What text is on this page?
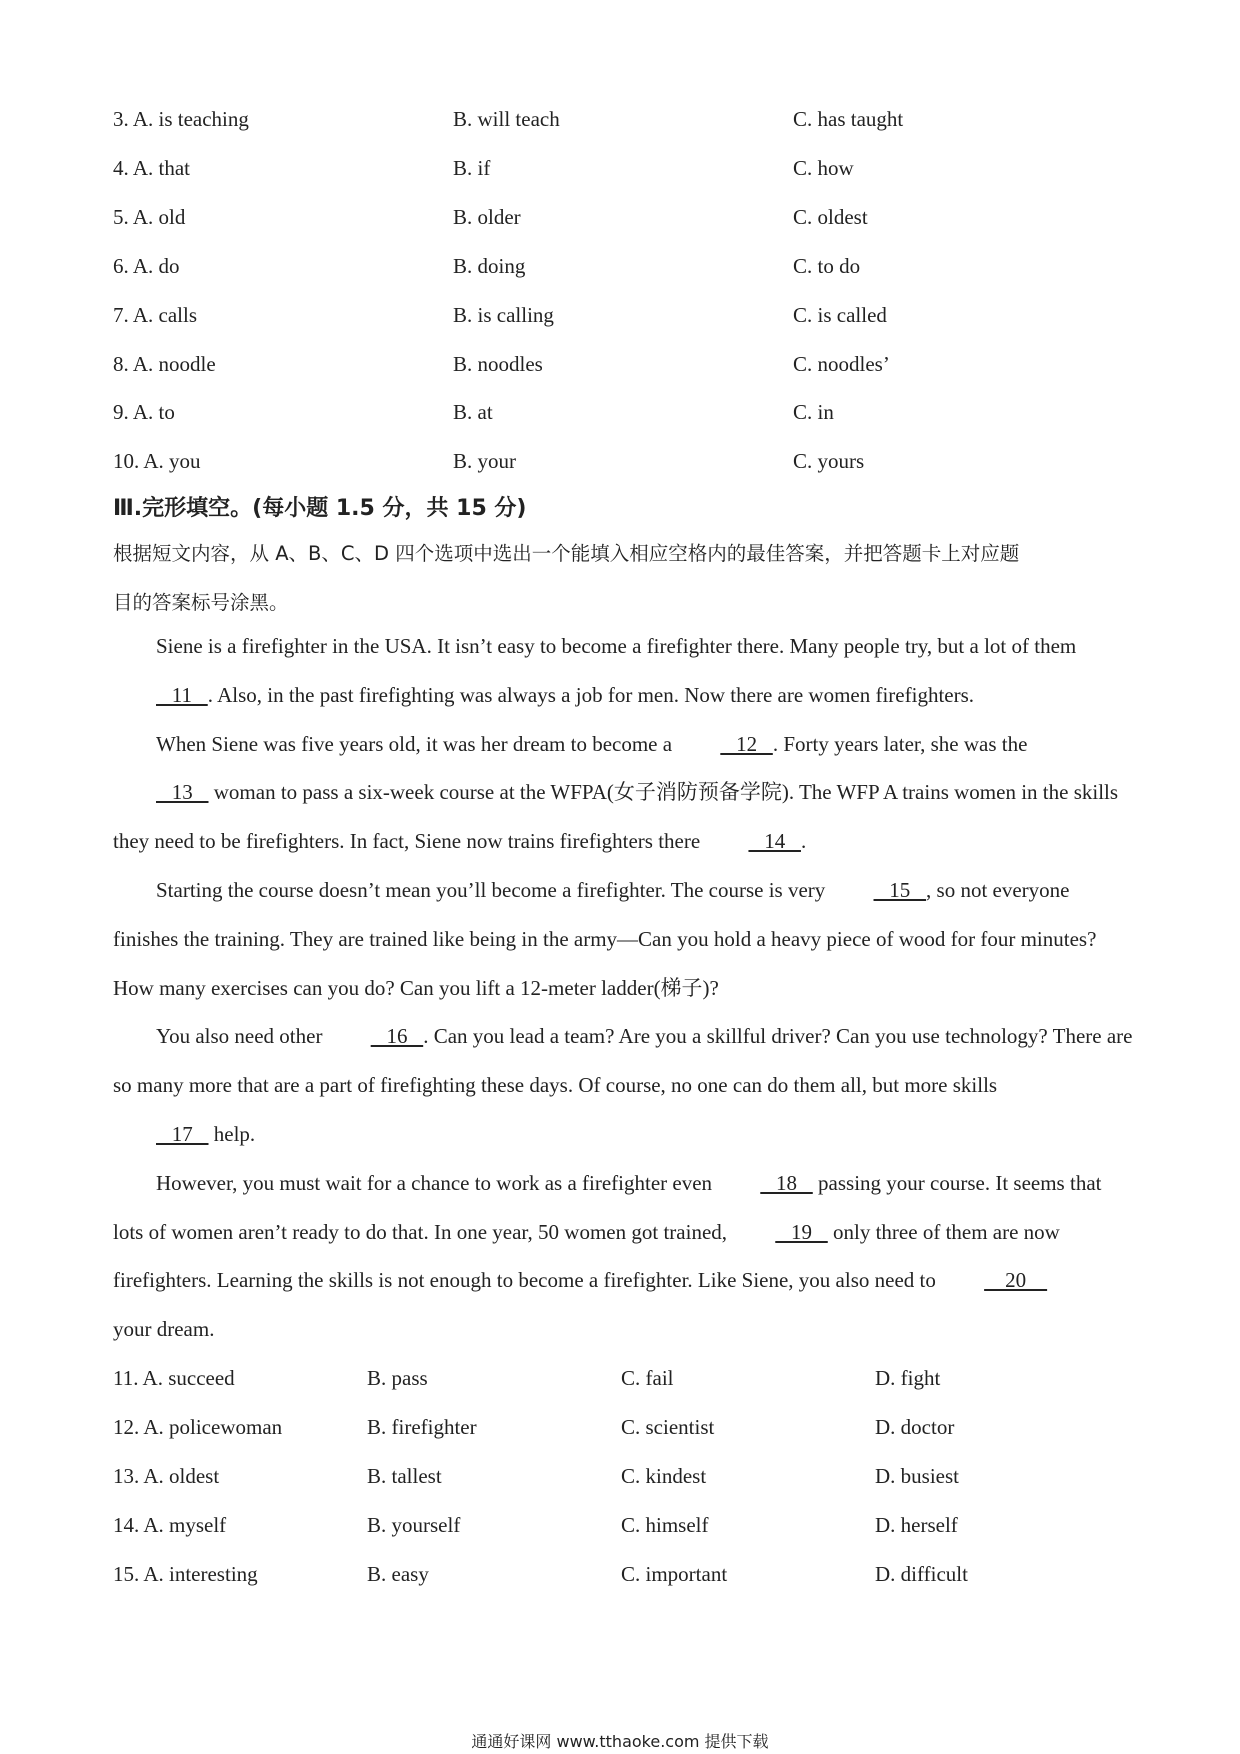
3. A. is teaching	B. will teach	C. has taught
4. A. that	B. if	C. how
5. A. old	B. older	C. oldest
6. A. do	B. doing	C. to do
7. A. calls	B. is calling	C. is called
8. A. noodle	B. noodles	C. noodles’
9. A. to	B. at	C. in
10. A. you	B. your	C. yours
Ⅲ.完形填空。(每小题 1.5 分，共 15 分)
根据短文内容，从 A、B、C、D 四个选项中选出一个能填入相应空格内的最佳答案，并把答题卡上对应题
目的答案标号涂黑。

Siene is a firefighter in the USA. It isn’t easy to become a firefighter there. Many people try, but a lot of them
11   . Also, in the past firefighting was always a job for men. Now there are women firefighters.

When Siene was five years old, it was her dream to become a    12   . Forty years later, she was the
13    woman to pass a six-week course at the WFPA(女子消防预备学院). The WFP A trains women in the skills they need to be firefighters. In fact, Siene now trains firefighters there    14   .

Starting the course doesn’t mean you’ll become a firefighter. The course is very    15   , so not everyone finishes the training. They are trained like being in the army—Can you hold a heavy piece of wood for four minutes? How many exercises can you do? Can you lift a 12-meter ladder(梯子)?

You also need other    16   . Can you lead a team? Are you a skillful driver? Can you use technology? There are so many more that are a part of firefighting these days. Of course, no one can do them all, but more skills
17    help.

However, you must wait for a chance to work as a firefighter even    18    passing your course. It seems that lots of women aren’t ready to do that. In one year, 50 women got trained,    19    only three of them are now firefighters. Learning the skills is not enough to become a firefighter. Like Siene, you also need to     20
your dream.

11. A. succeed	B. pass	C. fail	D. fight
12. A. policewoman	B. firefighter	C. scientist	D. doctor
13. A. oldest	B. tallest	C. kindest	D. busiest
14. A. myself	B. yourself	C. himself	D. herself
15. A. interesting	B. easy	C. important	D. difficult
通通好课网 www.tthaoke.com 提供下载
